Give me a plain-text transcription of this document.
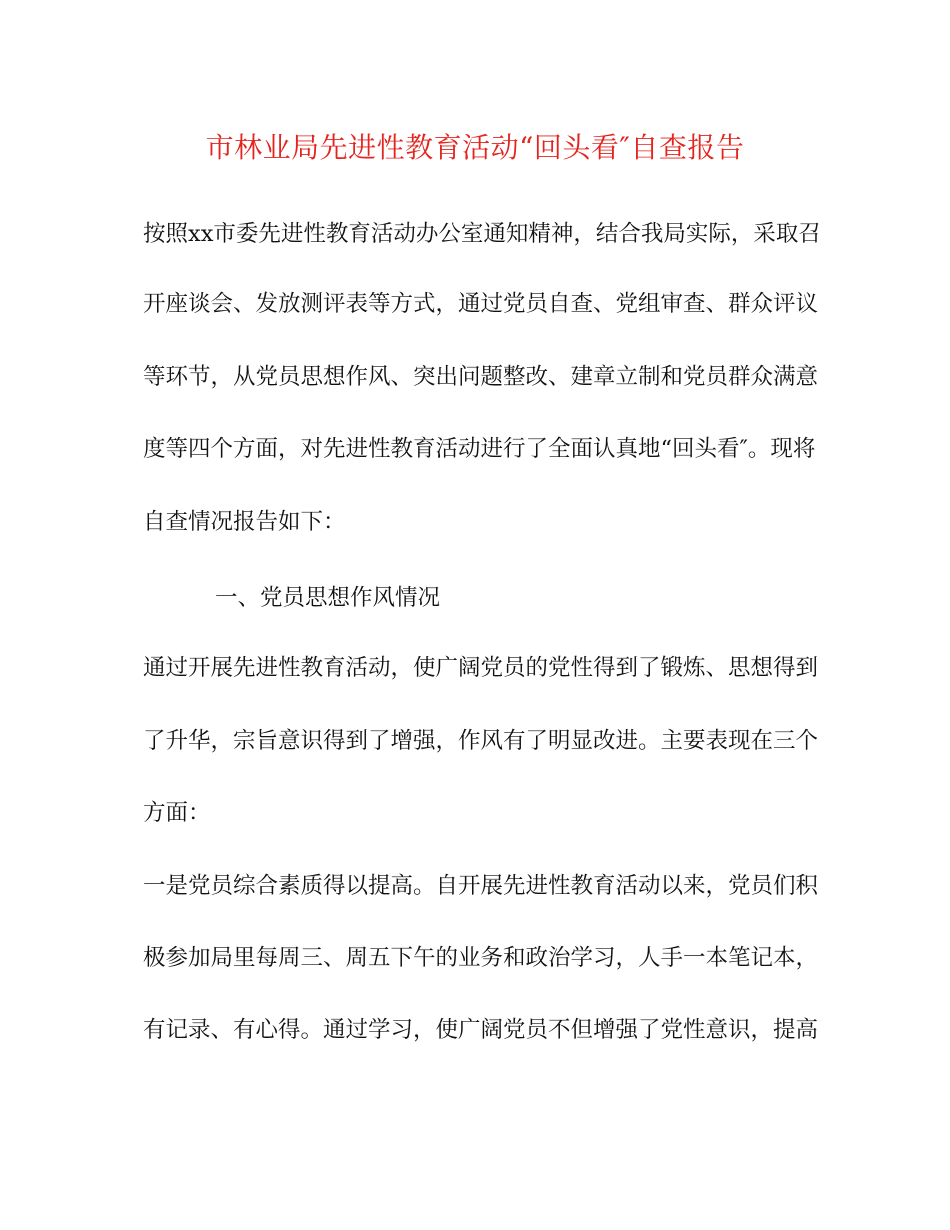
市林业局先进性教育活动“回头看″自查报告
按照xx市委先进性教育活动办公室通知精神，结合我局实际，采取召
开座谈会、发放测评表等方式，通过党员自查、党组审查、群众评议
等环节，从党员思想作风、突出问题整改、建章立制和党员群众满意
度等四个方面，对先进性教育活动进行了全面认真地“回头看″。现将
自查情况报告如下：
一、党员思想作风情况
通过开展先进性教育活动，使广阔党员的党性得到了锻炼、思想得到
了升华，宗旨意识得到了增强，作风有了明显改进。主要表现在三个
方面：
一是党员综合素质得以提高。自开展先进性教育活动以来，党员们积
极参加局里每周三、周五下午的业务和政治学习，人手一本笔记本，
有记录、有心得。通过学习，使广阔党员不但增强了党性意识，提高
